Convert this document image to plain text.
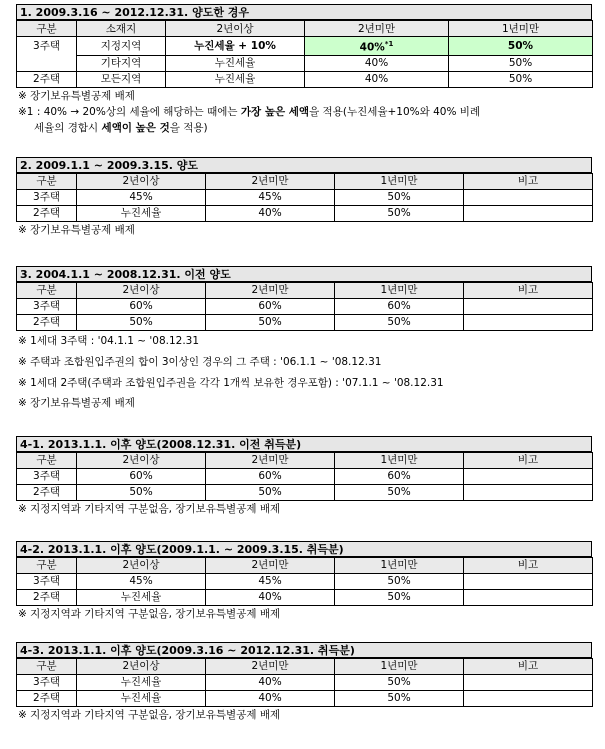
1. 2009.3.16 ~ 2012.12.31. 양도한 경우
구분	소재지	2년이상	2년미만	1년미만
3주택	지정지역	누진세율 + 10%	40%$^{*1}$	50%
	기타지역	누진세율	40%	50%
2주택	모든지역	누진세율	40%	50%
※ 장기보유특별공제 배제
※1 : 40% → 20%상의 세율에 해당하는 때에는 가장 높은 세액을 적용(누진세율+10%와 40% 비례
세율의 경합시 세액이 높은 것을 적용)
2. 2009.1.1 ~ 2009.3.15. 양도
구분	2년이상	2년미만	1년미만	비고
3주택	45%	45%	50%	
2주택	누진세율	40%	50%	
※ 장기보유특별공제 배제
3. 2004.1.1 ~ 2008.12.31. 이전 양도
구분	2년이상	2년미만	1년미만	비고
3주택	60%	60%	60%	
2주택	50%	50%	50%	
※ 1세대 3주택 : '04.1.1 ~ '08.12.31
※ 주택과 조합원입주권의 합이 3이상인 경우의 그 주택 : '06.1.1 ~ '08.12.31
※ 1세대 2주택(주택과 조합원입주권을 각각 1개씩 보유한 경우포함) : '07.1.1 ~ '08.12.31
※ 장기보유특별공제 배제
4-1. 2013.1.1. 이후 양도(2008.12.31. 이전 취득분)
구분	2년이상	2년미만	1년미만	비고
3주택	60%	60%	60%	
2주택	50%	50%	50%	
※ 지정지역과 기타지역 구분없음, 장기보유특별공제 배제
4-2. 2013.1.1. 이후 양도(2009.1.1. ~ 2009.3.15. 취득분)
구분	2년이상	2년미만	1년미만	비고
3주택	45%	45%	50%	
2주택	누진세율	40%	50%	
※ 지정지역과 기타지역 구분없음, 장기보유특별공제 배제
4-3. 2013.1.1. 이후 양도(2009.3.16 ~ 2012.12.31. 취득분)
구분	2년이상	2년미만	1년미만	비고
3주택	누진세율	40%	50%	
2주택	누진세율	40%	50%	
※ 지정지역과 기타지역 구분없음, 장기보유특별공제 배제
